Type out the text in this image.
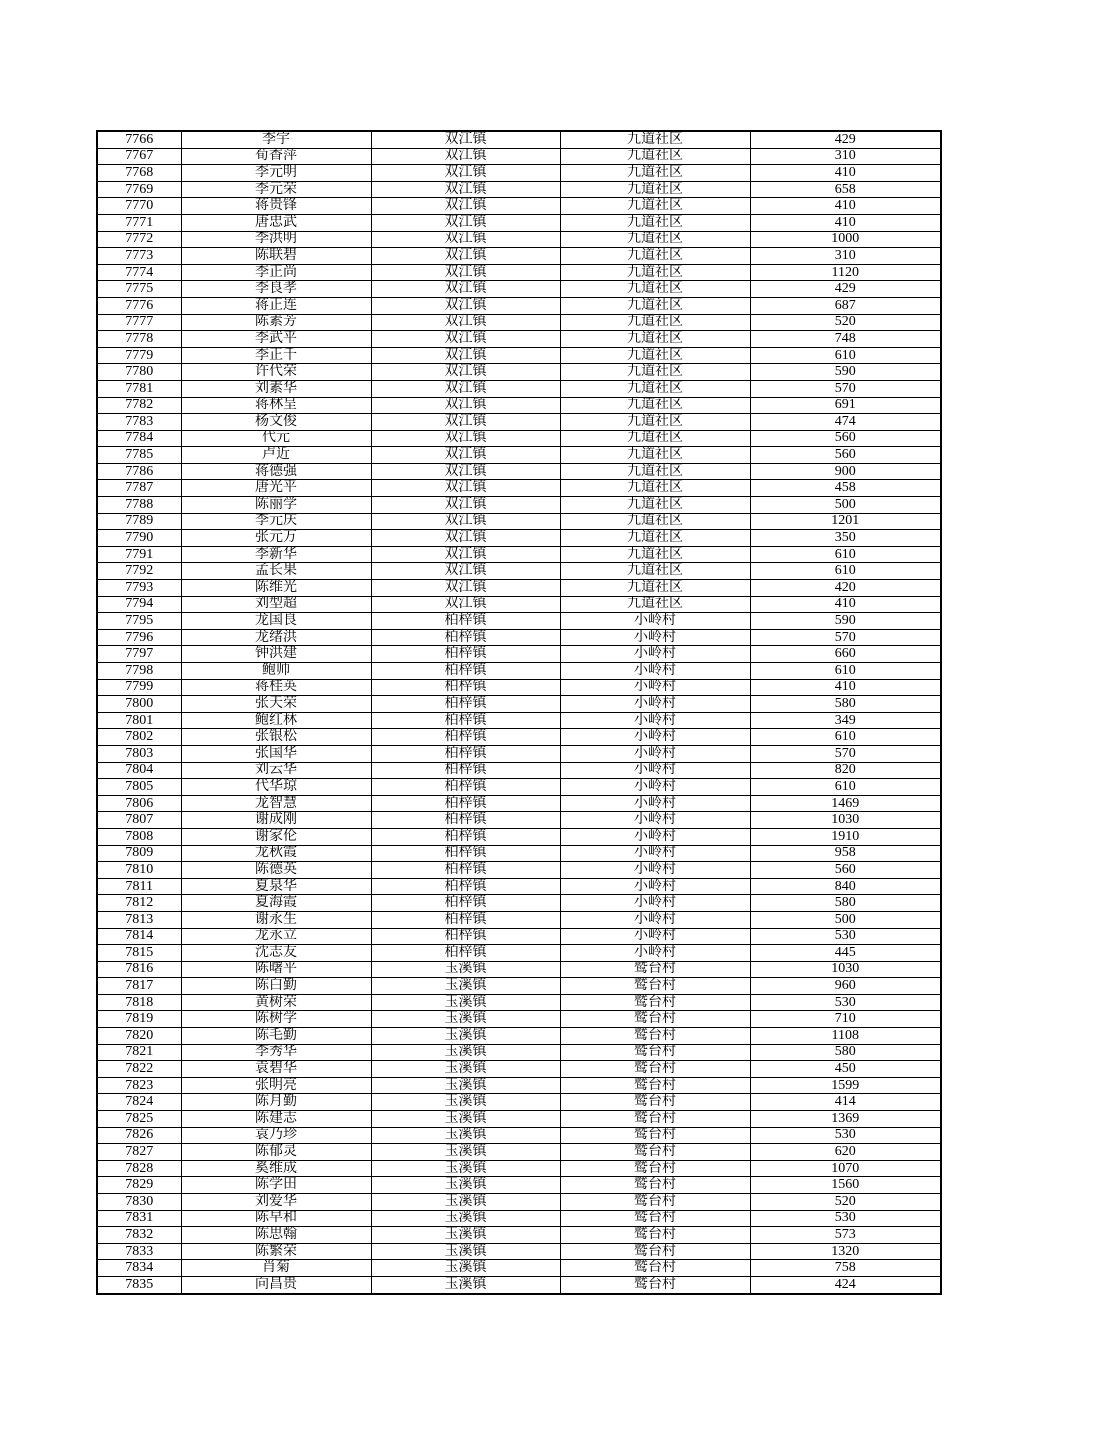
7766	李宇	双江镇	九道社区	429
7767	荀香萍	双江镇	九道社区	310
7768	李元明	双江镇	九道社区	410
7769	李元荣	双江镇	九道社区	658
7770	蒋贵锋	双江镇	九道社区	410
7771	唐忠武	双江镇	九道社区	410
7772	李洪明	双江镇	九道社区	1000
7773	陈联碧	双江镇	九道社区	310
7774	李正尚	双江镇	九道社区	1120
7775	李良孝	双江镇	九道社区	429
7776	蒋正连	双江镇	九道社区	687
7777	陈素芳	双江镇	九道社区	520
7778	李武平	双江镇	九道社区	748
7779	李正千	双江镇	九道社区	610
7780	许代荣	双江镇	九道社区	590
7781	刘素华	双江镇	九道社区	570
7782	蒋林呈	双江镇	九道社区	691
7783	杨文俊	双江镇	九道社区	474
7784	代元	双江镇	九道社区	560
7785	卢近	双江镇	九道社区	560
7786	蒋德强	双江镇	九道社区	900
7787	唐光平	双江镇	九道社区	458
7788	陈丽学	双江镇	九道社区	500
7789	李元庆	双江镇	九道社区	1201
7790	张元万	双江镇	九道社区	350
7791	李新华	双江镇	九道社区	610
7792	孟长果	双江镇	九道社区	610
7793	陈维光	双江镇	九道社区	420
7794	刘型超	双江镇	九道社区	410
7795	龙国良	柏梓镇	小岭村	590
7796	龙绪洪	柏梓镇	小岭村	570
7797	钟洪建	柏梓镇	小岭村	660
7798	鲍帅	柏梓镇	小岭村	610
7799	蒋桂英	柏梓镇	小岭村	410
7800	张天荣	柏梓镇	小岭村	580
7801	鲍红林	柏梓镇	小岭村	349
7802	张银松	柏梓镇	小岭村	610
7803	张国华	柏梓镇	小岭村	570
7804	刘云华	柏梓镇	小岭村	820
7805	代华琼	柏梓镇	小岭村	610
7806	龙智慧	柏梓镇	小岭村	1469
7807	谢成刚	柏梓镇	小岭村	1030
7808	谢家伦	柏梓镇	小岭村	1910
7809	龙秋霞	柏梓镇	小岭村	958
7810	陈德英	柏梓镇	小岭村	560
7811	夏泉华	柏梓镇	小岭村	840
7812	夏海霞	柏梓镇	小岭村	580
7813	谢永生	柏梓镇	小岭村	500
7814	龙永立	柏梓镇	小岭村	530
7815	沈志友	柏梓镇	小岭村	445
7816	陈曙平	玉溪镇	鹫台村	1030
7817	陈白勤	玉溪镇	鹫台村	960
7818	黄树荣	玉溪镇	鹫台村	530
7819	陈树学	玉溪镇	鹫台村	710
7820	陈毛勤	玉溪镇	鹫台村	1108
7821	李秀华	玉溪镇	鹫台村	580
7822	袁碧华	玉溪镇	鹫台村	450
7823	张明亮	玉溪镇	鹫台村	1599
7824	陈月勤	玉溪镇	鹫台村	414
7825	陈建志	玉溪镇	鹫台村	1369
7826	袁乃珍	玉溪镇	鹫台村	530
7827	陈郁灵	玉溪镇	鹫台村	620
7828	奚维成	玉溪镇	鹫台村	1070
7829	陈学田	玉溪镇	鹫台村	1560
7830	刘爱华	玉溪镇	鹫台村	520
7831	陈早和	玉溪镇	鹫台村	530
7832	陈思翰	玉溪镇	鹫台村	573
7833	陈繁荣	玉溪镇	鹫台村	1320
7834	肖菊	玉溪镇	鹫台村	758
7835	向昌贵	玉溪镇	鹫台村	424
